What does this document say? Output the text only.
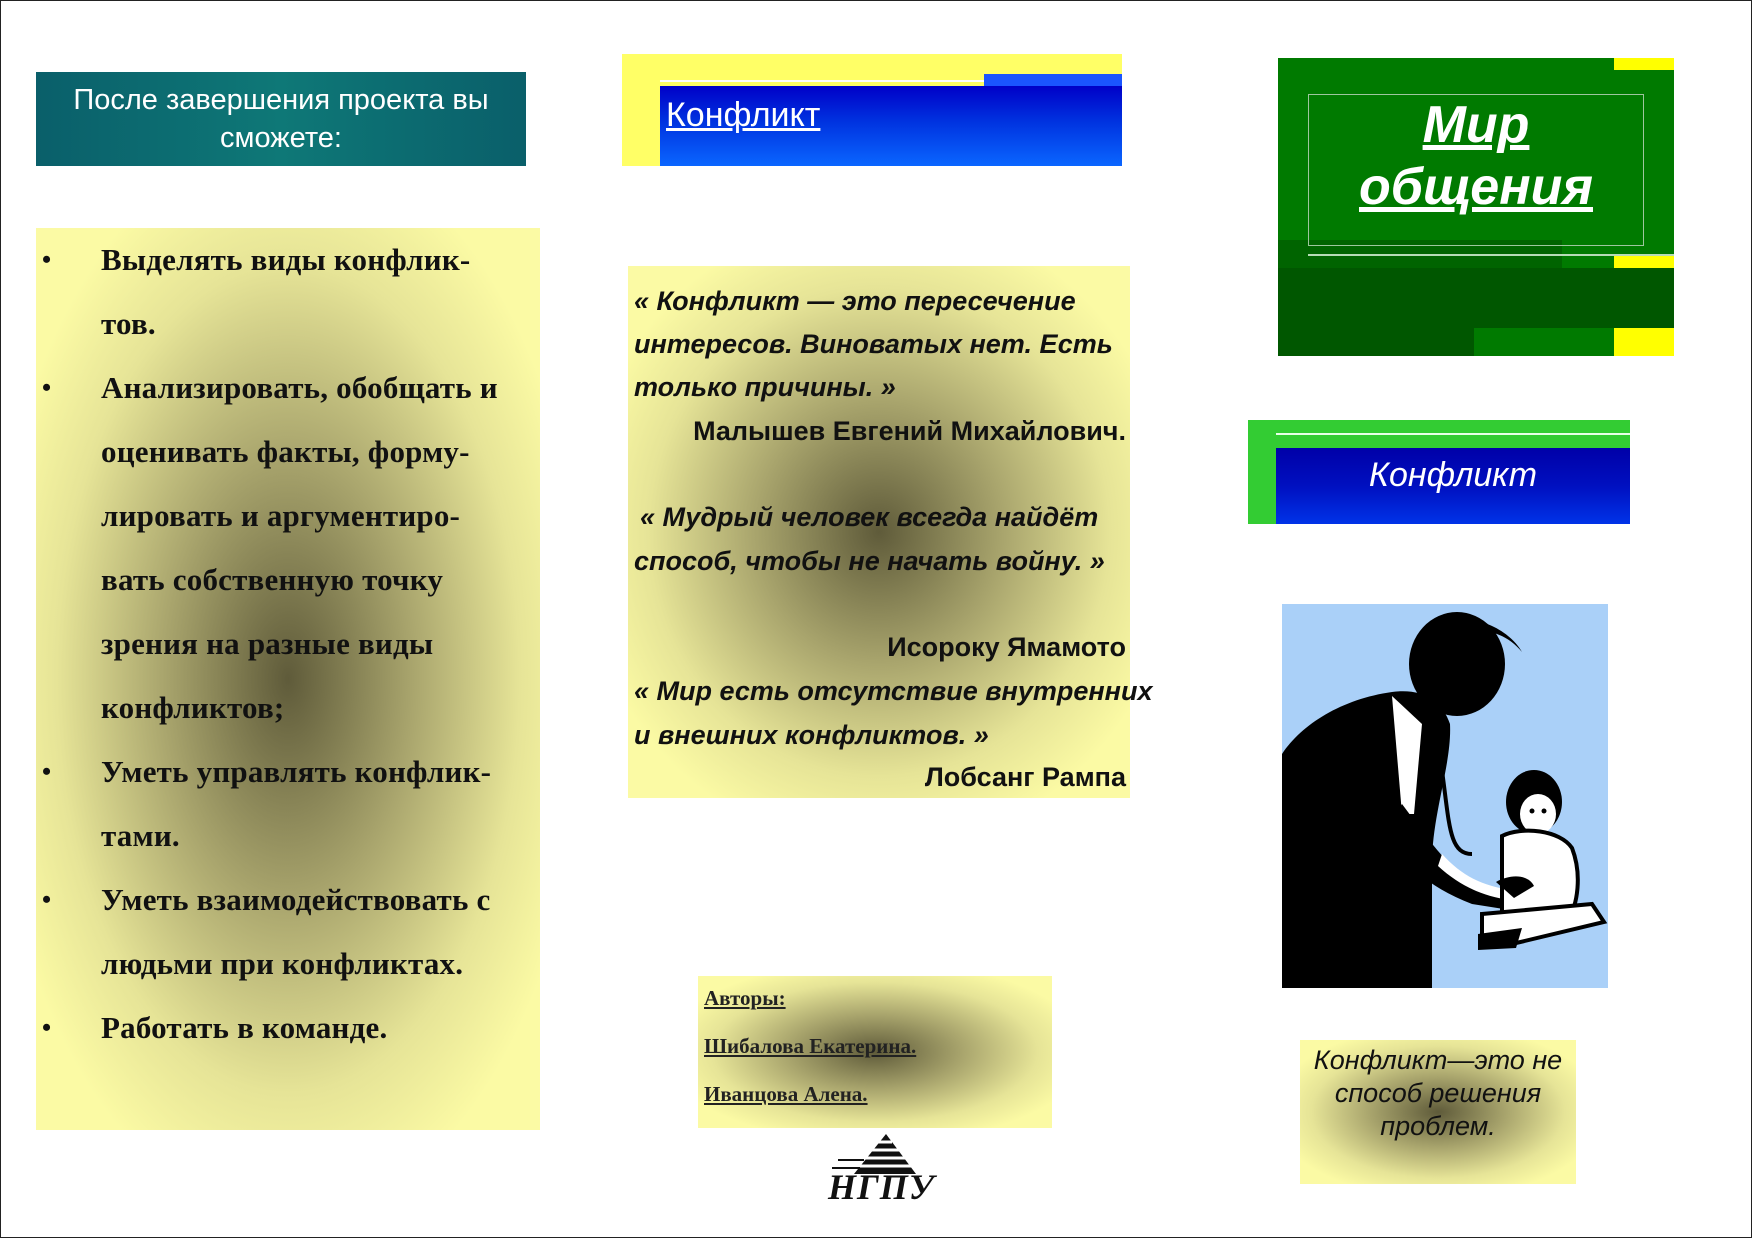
После завершения проекта вы сможете:
• Выделять виды конфлик-
тов.
• Анализировать, обобщать и
оценивать факты, форму-
лировать и аргументиро-
вать собственную точку
зрения на разные виды
конфликтов;
• Уметь управлять конфлик-
тами.
• Уметь взаимодействовать с
людьми при конфликтах.
• Работать в команде.
Конфликт
« Конфликт — это пересечение
интересов. Виноватых нет. Есть
только причины. »
Малышев Евгений Михайлович.
« Мудрый человек всегда найдёт
способ, чтобы не начать войну. »
Исороку Ямамото
« Мир есть отсутствие внутренних
и внешних конфликтов. »
Лобсанг Рампа
Авторы:
Шибалова Екатерина.
Иванцова Алена.
НГПУ
Мир
общения
Конфликт
Конфликт—это не
способ решения
проблем.
